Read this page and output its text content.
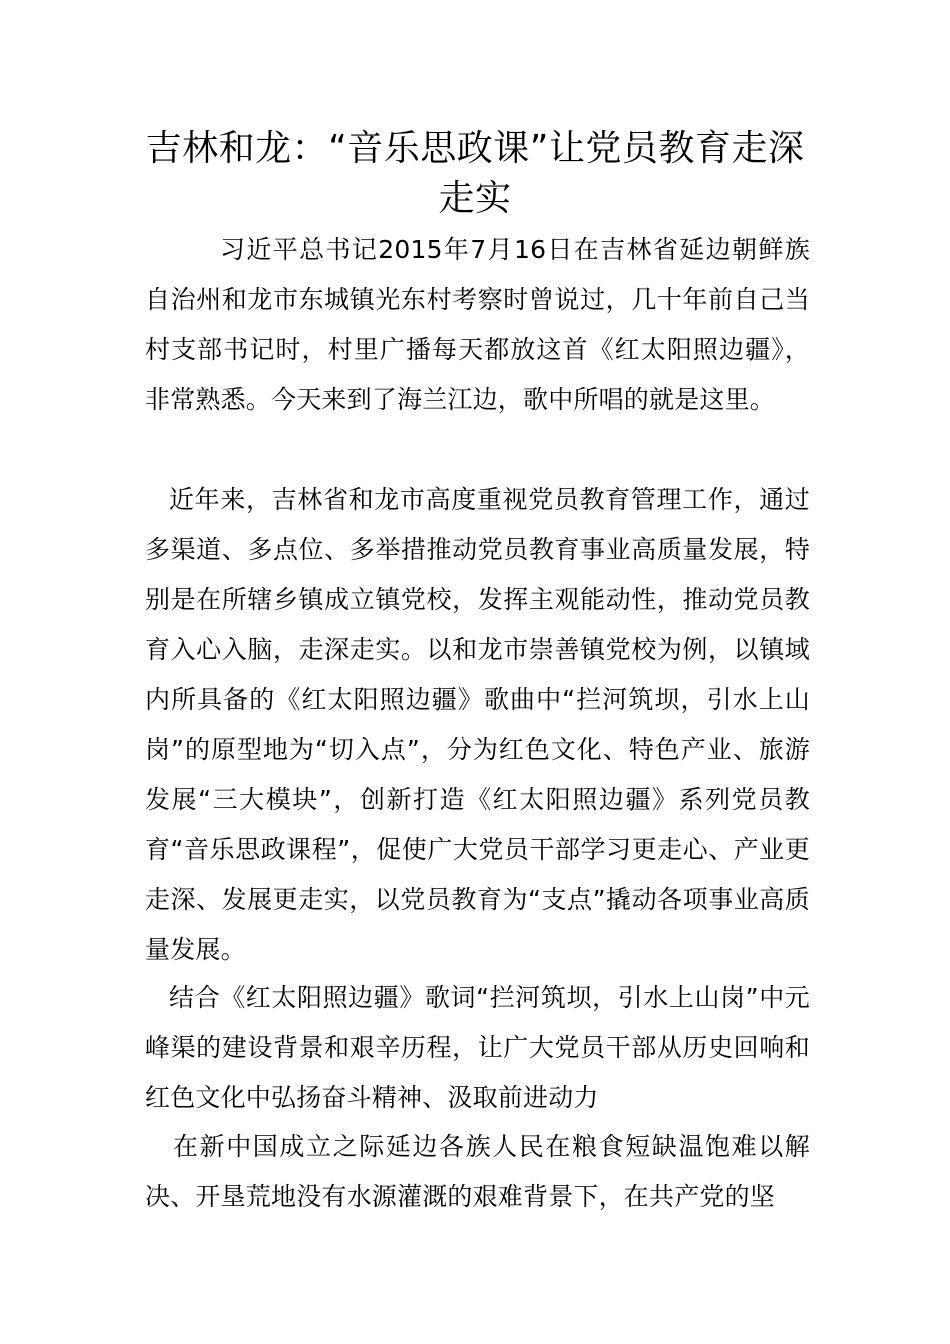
吉林和龙：“音乐思政课”让党员教育走深走实

习近平总书记2015年7月16日在吉林省延边朝鲜族自治州和龙市东城镇光东村考察时曾说过，几十年前自己当村支部书记时，村里广播每天都放这首《红太阳照边疆》，非常熟悉。今天来到了海兰江边，歌中所唱的就是这里。

近年来，吉林省和龙市高度重视党员教育管理工作，通过多渠道、多点位、多举措推动党员教育事业高质量发展，特别是在所辖乡镇成立镇党校，发挥主观能动性，推动党员教育入心入脑，走深走实。以和龙市崇善镇党校为例，以镇域内所具备的《红太阳照边疆》歌曲中“拦河筑坝，引水上山岗”的原型地为“切入点”，分为红色文化、特色产业、旅游发展“三大模块”，创新打造《红太阳照边疆》系列党员教育“音乐思政课程”，促使广大党员干部学习更走心、产业更走深、发展更走实，以党员教育为“支点”撬动各项事业高质量发展。

结合《红太阳照边疆》歌词“拦河筑坝，引水上山岗”中元峰渠的建设背景和艰辛历程，让广大党员干部从历史回响和红色文化中弘扬奋斗精神、汲取前进动力

在新中国成立之际延边各族人民在粮食短缺温饱难以解决、开垦荒地没有水源灌溉的艰难背景下，在共产党的坚
